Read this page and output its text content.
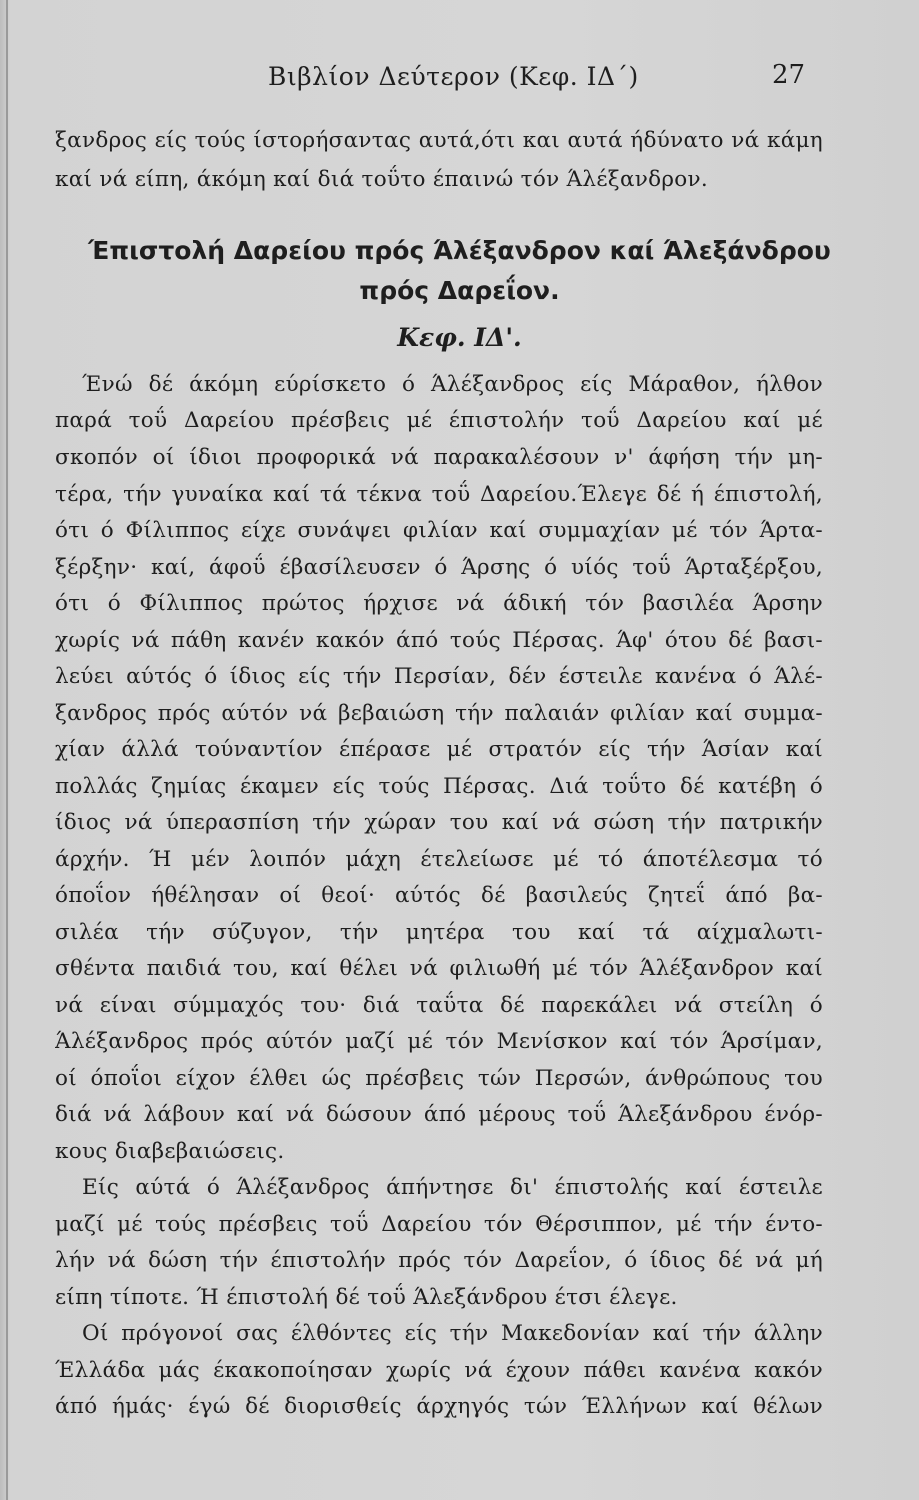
Βιβλίον Δεύτερον (Κεφ. ΙΔ΄)	27
ξανδρος είς τούς ίστορήσαντας αυτά,ότι και αυτά ήδύνατο νά κάμη
καί νά είπη, άκόμη καί διά τοΰτο έπαινώ τόν Άλέξανδρον.
Έπιστολή Δαρείου πρός Άλέξανδρον καί Άλεξάνδρου
πρός Δαρεΐον.
Κεφ. ΙΔ'.
Ένώ δέ άκόμη εύρίσκετο ό Άλέξανδρος είς Μάραθον, ήλθον
παρά τοΰ Δαρείου πρέσβεις μέ έπιστολήν τοΰ Δαρείου καί μέ
σκοπόν οί ίδιοι προφορικά νά παρακαλέσουν ν' άφήση τήν μη-
τέρα, τήν γυναίκα καί τά τέκνα τοΰ Δαρείου.Έλεγε δέ ή έπιστολή,
ότι ό Φίλιππος είχε συνάψει φιλίαν καί συμμαχίαν μέ τόν Άρτα-
ξέρξην· καί, άφοΰ έβασίλευσεν ό Άρσης ό υίός τοΰ Άρταξέρξου,
ότι ό Φίλιππος πρώτος ήρχισε νά άδική τόν βασιλέα Άρσην
χωρίς νά πάθη κανέν κακόν άπό τούς Πέρσας. Άφ' ότου δέ βασι-
λεύει αύτός ό ίδιος είς τήν Περσίαν, δέν έστειλε κανένα ό Άλέ-
ξανδρος πρός αύτόν νά βεβαιώση τήν παλαιάν φιλίαν καί συμμα-
χίαν άλλά τούναντίον έπέρασε μέ στρατόν είς τήν Άσίαν καί
πολλάς ζημίας έκαμεν είς τούς Πέρσας. Διά τοΰτο δέ κατέβη ό
ίδιος νά ύπερασπίση τήν χώραν του καί νά σώση τήν πατρικήν
άρχήν. Ή μέν λοιπόν μάχη έτελείωσε μέ τό άποτέλεσμα τό
όποΐον ήθέλησαν οί θεοί· αύτός δέ βασιλεύς ζητεΐ άπό βα-
σιλέα τήν σύζυγον, τήν μητέρα του καί τά αίχμαλωτι-
σθέντα παιδιά του, καί θέλει νά φιλιωθή μέ τόν Άλέξανδρον καί
νά είναι σύμμαχός του· διά ταΰτα δέ παρεκάλει νά στείλη ό
Άλέξανδρος πρός αύτόν μαζί μέ τόν Μενίσκον καί τόν Άρσίμαν,
οί όποΐοι είχον έλθει ώς πρέσβεις τών Περσών, άνθρώπους του
διά νά λάβουν καί νά δώσουν άπό μέρους τοΰ Άλεξάνδρου ένόρ-
κους διαβεβαιώσεις.
Είς αύτά ό Άλέξανδρος άπήντησε δι' έπιστολής καί έστειλε
μαζί μέ τούς πρέσβεις τοΰ Δαρείου τόν Θέρσιππον, μέ τήν έντο-
λήν νά δώση τήν έπιστολήν πρός τόν Δαρεΐον, ό ίδιος δέ νά μή
είπη τίποτε. Ή έπιστολή δέ τοΰ Άλεξάνδρου έτσι έλεγε.
Οί πρόγονοί σας έλθόντες είς τήν Μακεδονίαν καί τήν άλλην
Έλλάδα μάς έκακοποίησαν χωρίς νά έχουν πάθει κανένα κακόν
άπό ήμάς· έγώ δέ διορισθείς άρχηγός τών Έλλήνων καί θέλων
